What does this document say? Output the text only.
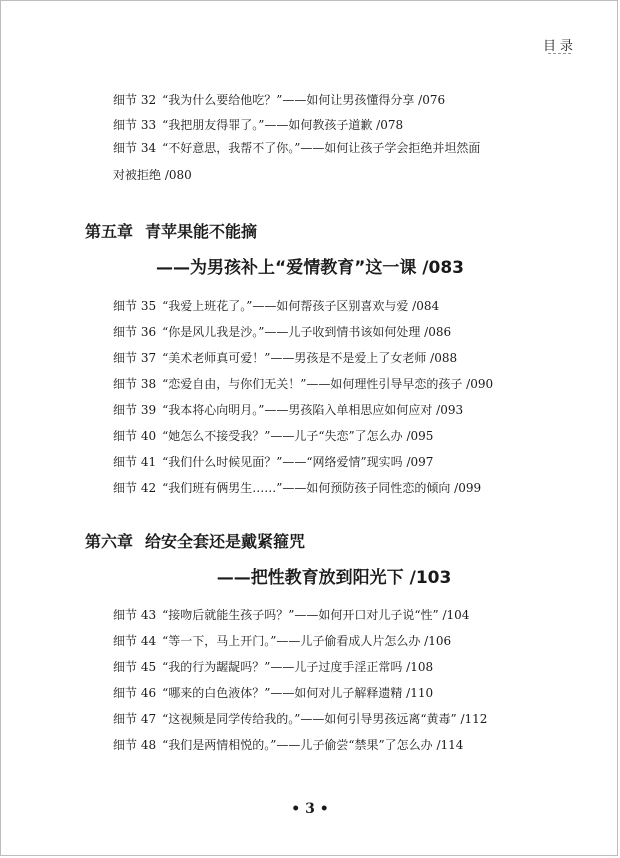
目录
˜˜˜˜˜
细节 32 “我为什么要给他吃？”——如何让男孩懂得分享 /076
细节 33 “我把朋友得罪了。”——如何教孩子道歉 /078
细节 34 “不好意思，我帮不了你。”——如何让孩子学会拒绝并坦然面对被拒绝 /080
第五章 青苹果能不能摘
——为男孩补上“爱情教育”这一课 /083
细节 35 “我爱上班花了。”——如何帮孩子区别喜欢与爱 /084
细节 36 “你是风儿我是沙。”——儿子收到情书该如何处理 /086
细节 37 “美术老师真可爱！”——男孩是不是爱上了女老师 /088
细节 38 “恋爱自由，与你们无关！”——如何理性引导早恋的孩子 /090
细节 39 “我本将心向明月。”——男孩陷入单相思应如何应对 /093
细节 40 “她怎么不接受我？”——儿子“失恋”了怎么办 /095
细节 41 “我们什么时候见面？”——“网络爱情”现实吗 /097
细节 42 “我们班有俩男生……”——如何预防孩子同性恋的倾向 /099
第六章 给安全套还是戴紧箍咒
——把性教育放到阳光下 /103
细节 43 “接吻后就能生孩子吗？”——如何开口对儿子说“性” /104
细节 44 “等一下，马上开门。”——儿子偷看成人片怎么办 /106
细节 45 “我的行为龌龊吗？”——儿子过度手淫正常吗 /108
细节 46 “哪来的白色液体？”——如何对儿子解释遗精 /110
细节 47 “这视频是同学传给我的。”——如何引导男孩远离“黄毒” /112
细节 48 “我们是两情相悦的。”——儿子偷尝“禁果”了怎么办 /114
• 3 •
